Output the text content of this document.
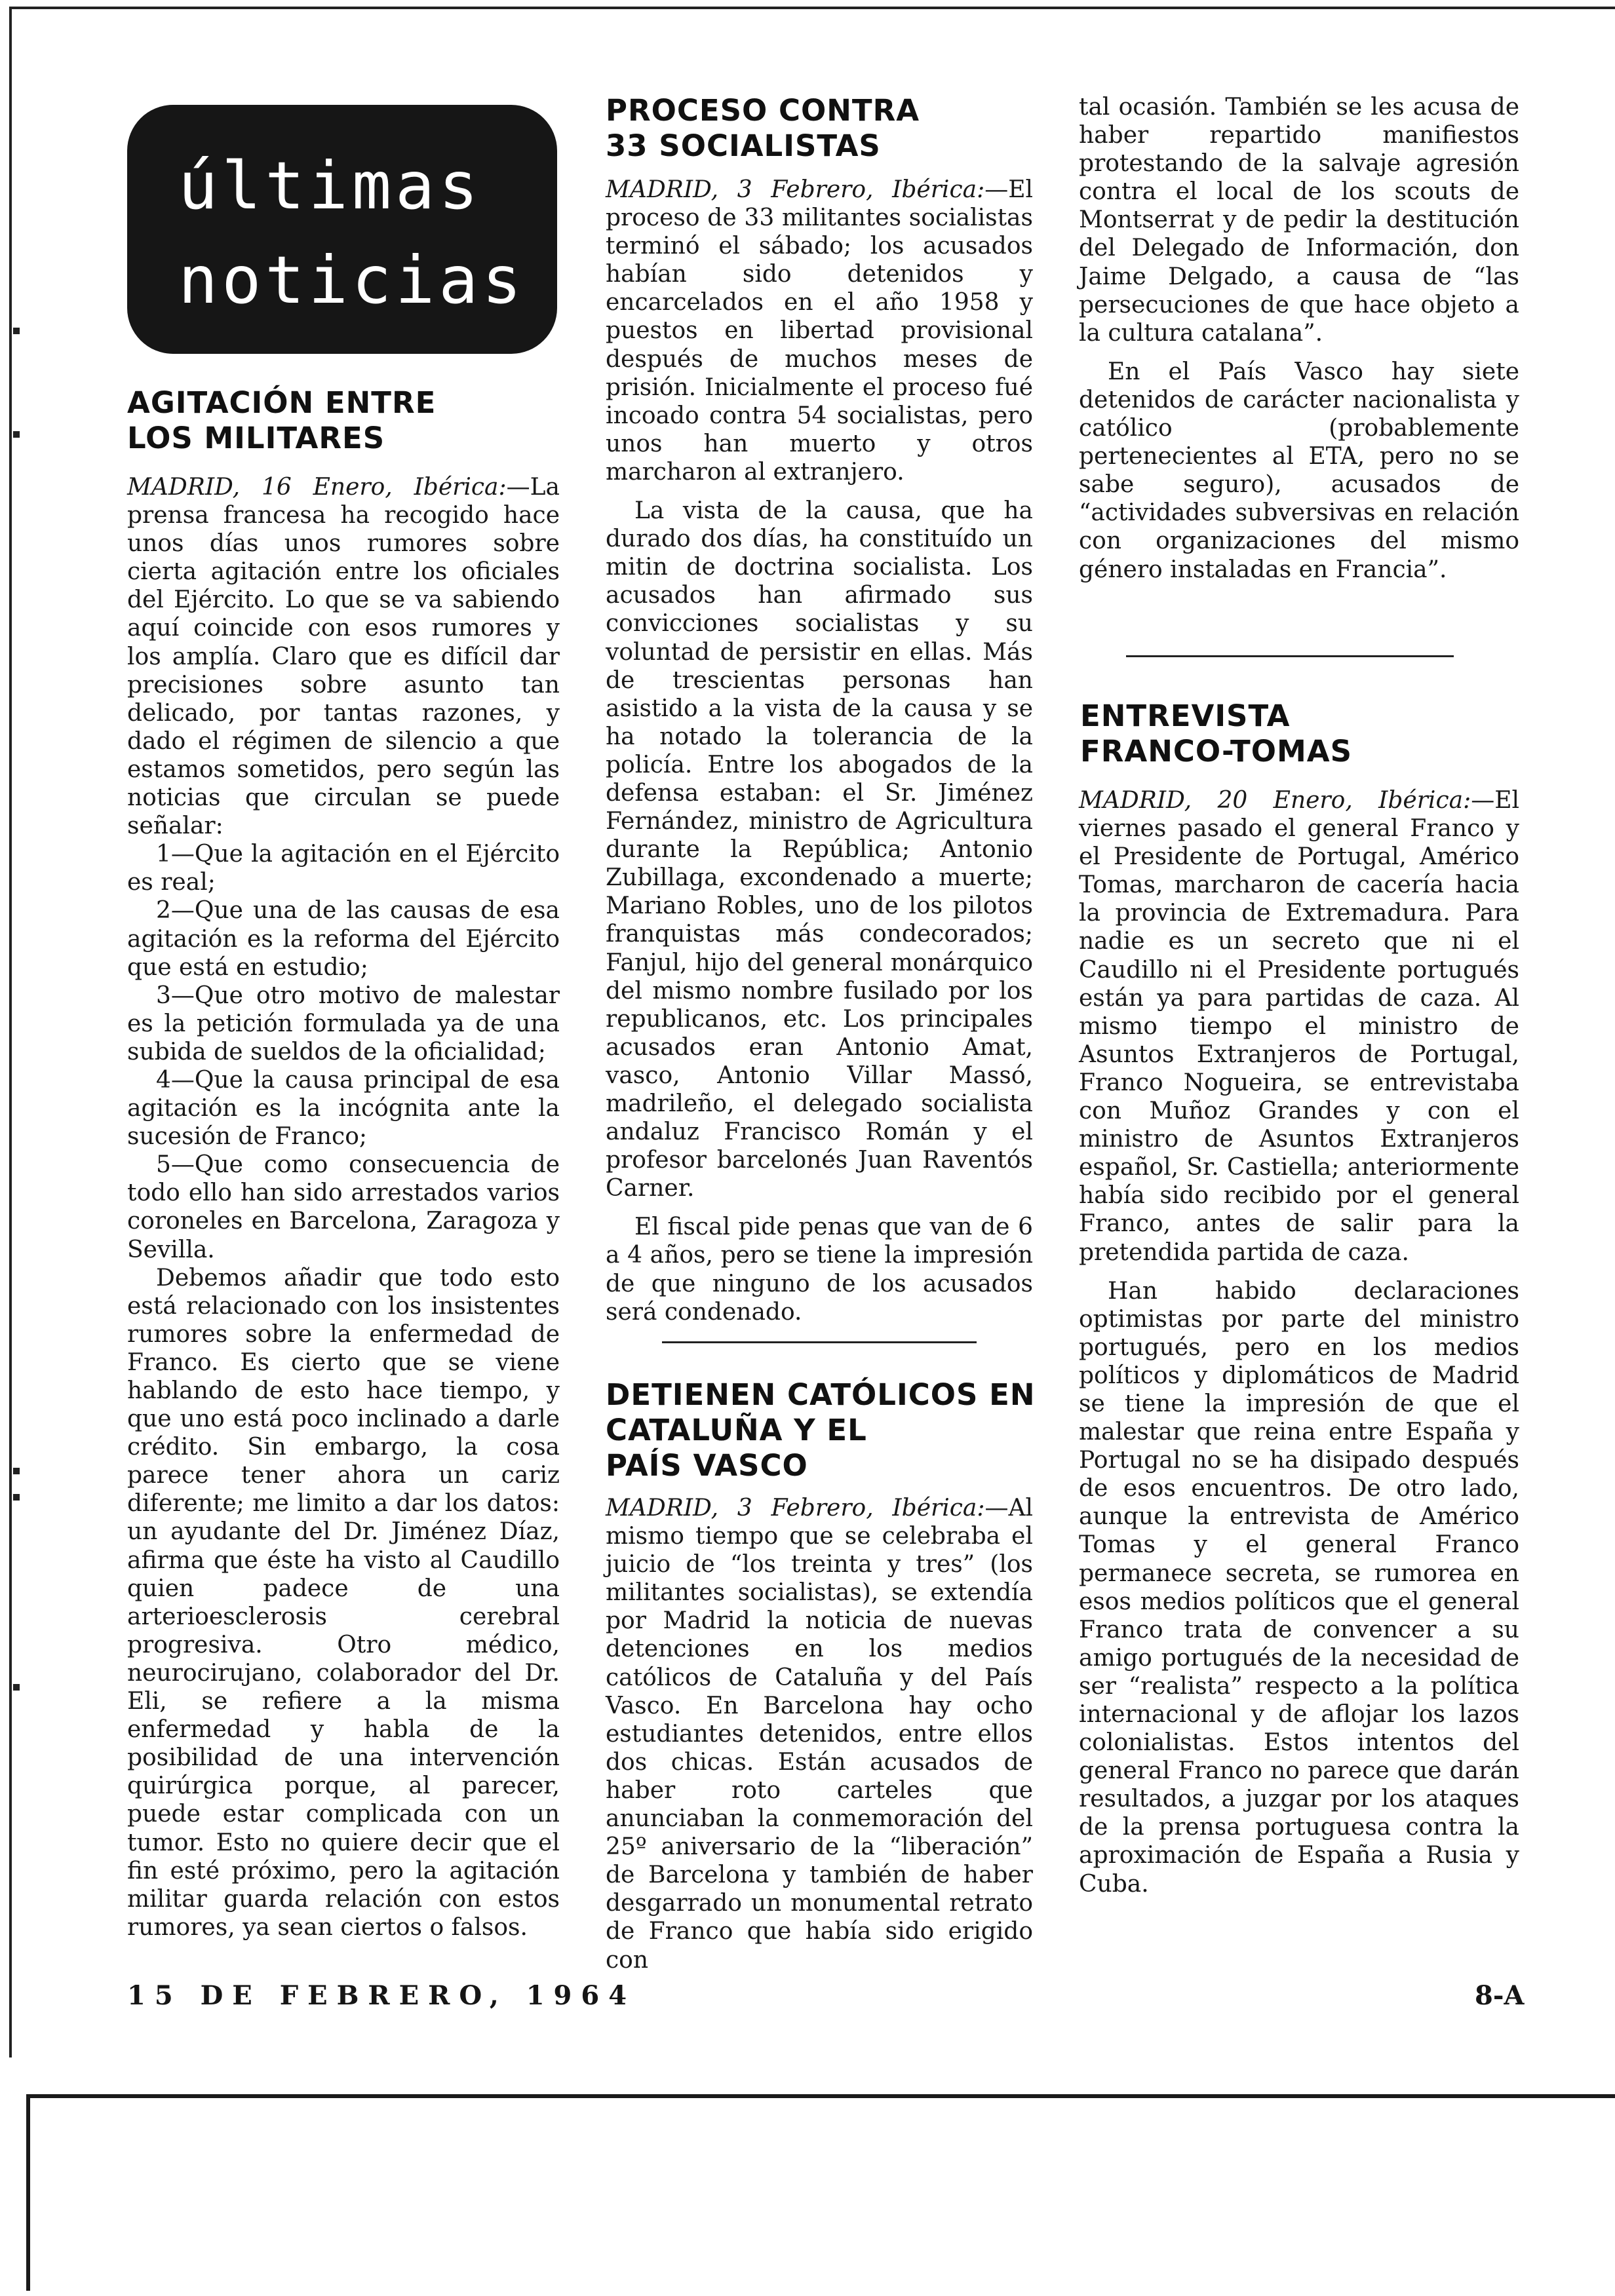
últimas
noticias
AGITACIÓN ENTRE
LOS MILITARES

MADRID, 16 Enero, Ibérica:—La prensa francesa ha recogido hace unos días unos rumores sobre cierta agitación entre los oficiales del Ejército. Lo que se va sabiendo aquí coincide con esos rumores y los amplía. Claro que es difícil dar precisiones sobre asunto tan delicado, por tantas razones, y dado el régimen de silencio a que estamos sometidos, pero según las noticias que circulan se puede señalar:

1—Que la agitación en el Ejército es real;

2—Que una de las causas de esa agitación es la reforma del Ejército que está en estudio;

3—Que otro motivo de malestar es la petición formulada ya de una subida de sueldos de la oficialidad;

4—Que la causa principal de esa agitación es la incógnita ante la sucesión de Franco;

5—Que como consecuencia de todo ello han sido arrestados varios coroneles en Barcelona, Zaragoza y Sevilla.

Debemos añadir que todo esto está relacionado con los insistentes rumores sobre la enfermedad de Franco. Es cierto que se viene hablando de esto hace tiempo, y que uno está poco inclinado a darle crédito. Sin embargo, la cosa parece tener ahora un cariz diferente; me limito a dar los datos: un ayudante del Dr. Jiménez Díaz, afirma que éste ha visto al Caudillo quien padece de una arterioesclerosis cerebral progresiva. Otro médico, neurocirujano, colaborador del Dr. Eli, se refiere a la misma enfermedad y habla de la posibilidad de una intervención quirúrgica porque, al parecer, puede estar complicada con un tumor. Esto no quiere decir que el fin esté próximo, pero la agitación militar guarda relación con estos rumores, ya sean ciertos o falsos.

PROCESO CONTRA
33 SOCIALISTAS

MADRID, 3 Febrero, Ibérica:—El proceso de 33 militantes socialistas terminó el sábado; los acusados habían sido detenidos y encarcelados en el año 1958 y puestos en libertad provisional después de muchos meses de prisión. Inicialmente el proceso fué incoado contra 54 socialistas, pero unos han muerto y otros marcharon al extranjero.

La vista de la causa, que ha durado dos días, ha constituído un mitin de doctrina socialista. Los acusados han afirmado sus convicciones socialistas y su voluntad de persistir en ellas. Más de trescientas personas han asistido a la vista de la causa y se ha notado la tolerancia de la policía. Entre los abogados de la defensa estaban: el Sr. Jiménez Fernández, ministro de Agricultura durante la República; Antonio Zubillaga, excondenado a muerte; Mariano Robles, uno de los pilotos franquistas más condecorados; Fanjul, hijo del general monárquico del mismo nombre fusilado por los republicanos, etc. Los principales acusados eran Antonio Amat, vasco, Antonio Villar Massó, madrileño, el delegado socialista andaluz Francisco Román y el profesor barcelonés Juan Raventós Carner.

El fiscal pide penas que van de 6 a 4 años, pero se tiene la impresión de que ninguno de los acusados será condenado.

DETIENEN CATÓLICOS EN
CATALUÑA Y EL
PAÍS VASCO

MADRID, 3 Febrero, Ibérica:—Al mismo tiempo que se celebraba el juicio de “los treinta y tres” (los militantes socialistas), se extendía por Madrid la noticia de nuevas detenciones en los medios católicos de Cataluña y del País Vasco. En Barcelona hay ocho estudiantes detenidos, entre ellos dos chicas. Están acusados de haber roto carteles que anunciaban la conmemoración del 25º aniversario de la “liberación” de Barcelona y también de haber desgarrado un monumental retrato de Franco que había sido erigido con

tal ocasión. También se les acusa de haber repartido manifiestos protestando de la salvaje agresión contra el local de los scouts de Montserrat y de pedir la destitución del Delegado de Información, don Jaime Delgado, a causa de “las persecuciones de que hace objeto a la cultura catalana”.

En el País Vasco hay siete detenidos de carácter nacionalista y católico (probablemente pertenecientes al ETA, pero no se sabe seguro), acusados de “actividades subversivas en relación con organizaciones del mismo género instaladas en Francia”.

ENTREVISTA
FRANCO-TOMAS

MADRID, 20 Enero, Ibérica:—El viernes pasado el general Franco y el Presidente de Portugal, Américo Tomas, marcharon de cacería hacia la provincia de Extremadura. Para nadie es un secreto que ni el Caudillo ni el Presidente portugués están ya para partidas de caza. Al mismo tiempo el ministro de Asuntos Extranjeros de Portugal, Franco Nogueira, se entrevistaba con Muñoz Grandes y con el ministro de Asuntos Extranjeros español, Sr. Castiella; anteriormente había sido recibido por el general Franco, antes de salir para la pretendida partida de caza.

Han habido declaraciones optimistas por parte del ministro portugués, pero en los medios políticos y diplomáticos de Madrid se tiene la impresión de que el malestar que reina entre España y Portugal no se ha disipado después de esos encuentros. De otro lado, aunque la entrevista de Américo Tomas y el general Franco permanece secreta, se rumorea en esos medios políticos que el general Franco trata de convencer a su amigo portugués de la necesidad de ser “realista” respecto a la política internacional y de aflojar los lazos colonialistas. Estos intentos del general Franco no parece que darán resultados, a juzgar por los ataques de la prensa portuguesa contra la aproximación de España a Rusia y Cuba.

15 DE FEBRERO, 1964	8-A
